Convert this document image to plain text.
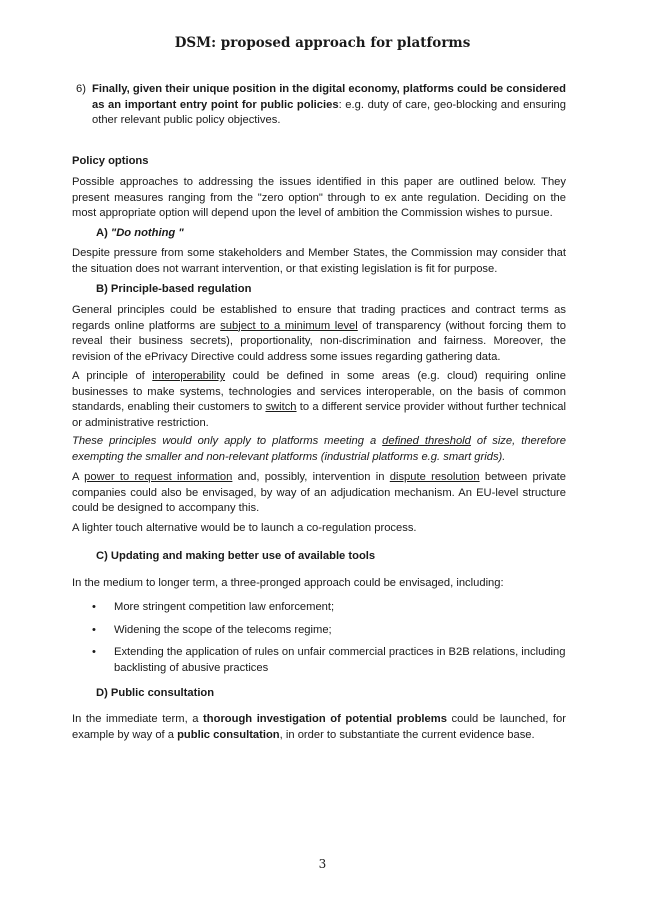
DSM: proposed approach for platforms
6) Finally, given their unique position in the digital economy, platforms could be considered as an important entry point for public policies: e.g. duty of care, geo-blocking and ensuring other relevant public policy objectives.
Policy options
Possible approaches to addressing the issues identified in this paper are outlined below. They present measures ranging from the "zero option" through to ex ante regulation. Deciding on the most appropriate option will depend upon the level of ambition the Commission wishes to pursue.
A) "Do nothing "
Despite pressure from some stakeholders and Member States, the Commission may consider that the situation does not warrant intervention, or that existing legislation is fit for purpose.
B) Principle-based regulation
General principles could be established to ensure that trading practices and contract terms as regards online platforms are subject to a minimum level of transparency (without forcing them to reveal their business secrets), proportionality, non-discrimination and fairness. Moreover, the revision of the ePrivacy Directive could address some issues regarding gathering data.
A principle of interoperability could be defined in some areas (e.g. cloud) requiring online businesses to make systems, technologies and services interoperable, on the basis of common standards, enabling their customers to switch to a different service provider without further technical or administrative restriction.
These principles would only apply to platforms meeting a defined threshold of size, therefore exempting the smaller and non-relevant platforms (industrial platforms e.g. smart grids).
A power to request information and, possibly, intervention in dispute resolution between private companies could also be envisaged, by way of an adjudication mechanism. An EU-level structure could be designed to accompany this.
A lighter touch alternative would be to launch a co-regulation process.
C) Updating and making better use of available tools
In the medium to longer term, a three-pronged approach could be envisaged, including:
• More stringent competition law enforcement;
• Widening the scope of the telecoms regime;
• Extending the application of rules on unfair commercial practices in B2B relations, including backlisting of abusive practices
D) Public consultation
In the immediate term, a thorough investigation of potential problems could be launched, for example by way of a public consultation, in order to substantiate the current evidence base.
3
